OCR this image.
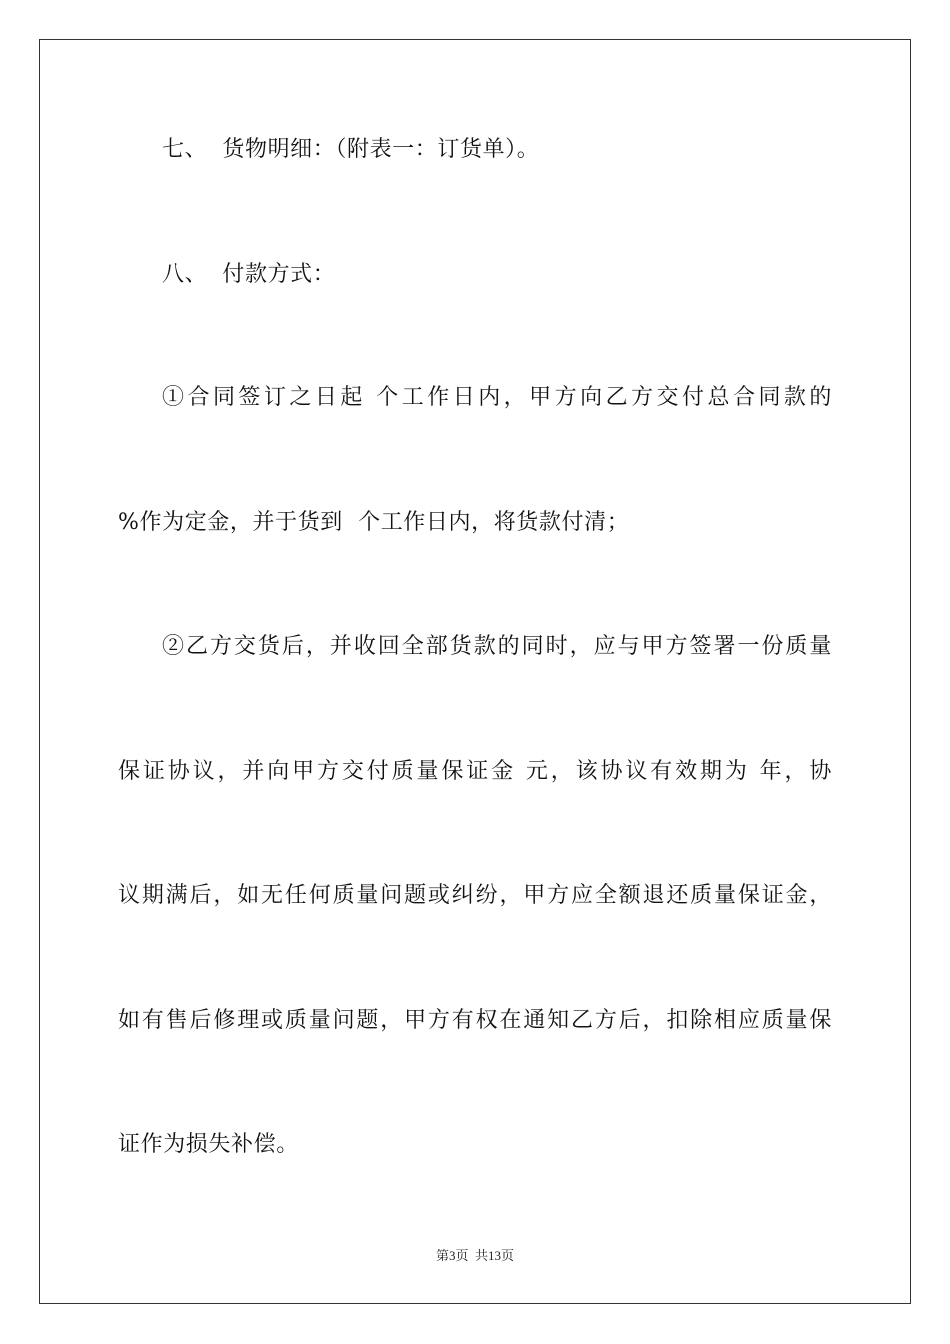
七、  货物明细：（附表一：订货单）。
八、  付款方式：
①合同签订之日起 个工作日内，甲方向乙方交付总合同款的
%作为定金，并于货到  个工作日内，将货款付清；
②乙方交货后，并收回全部货款的同时，应与甲方签署一份质量
保证协议，并向甲方交付质量保证金 元，该协议有效期为 年，协
议期满后，如无任何质量问题或纠纷，甲方应全额退还质量保证金，
如有售后修理或质量问题，甲方有权在通知乙方后，扣除相应质量保
证作为损失补偿。
第3页  共13页
